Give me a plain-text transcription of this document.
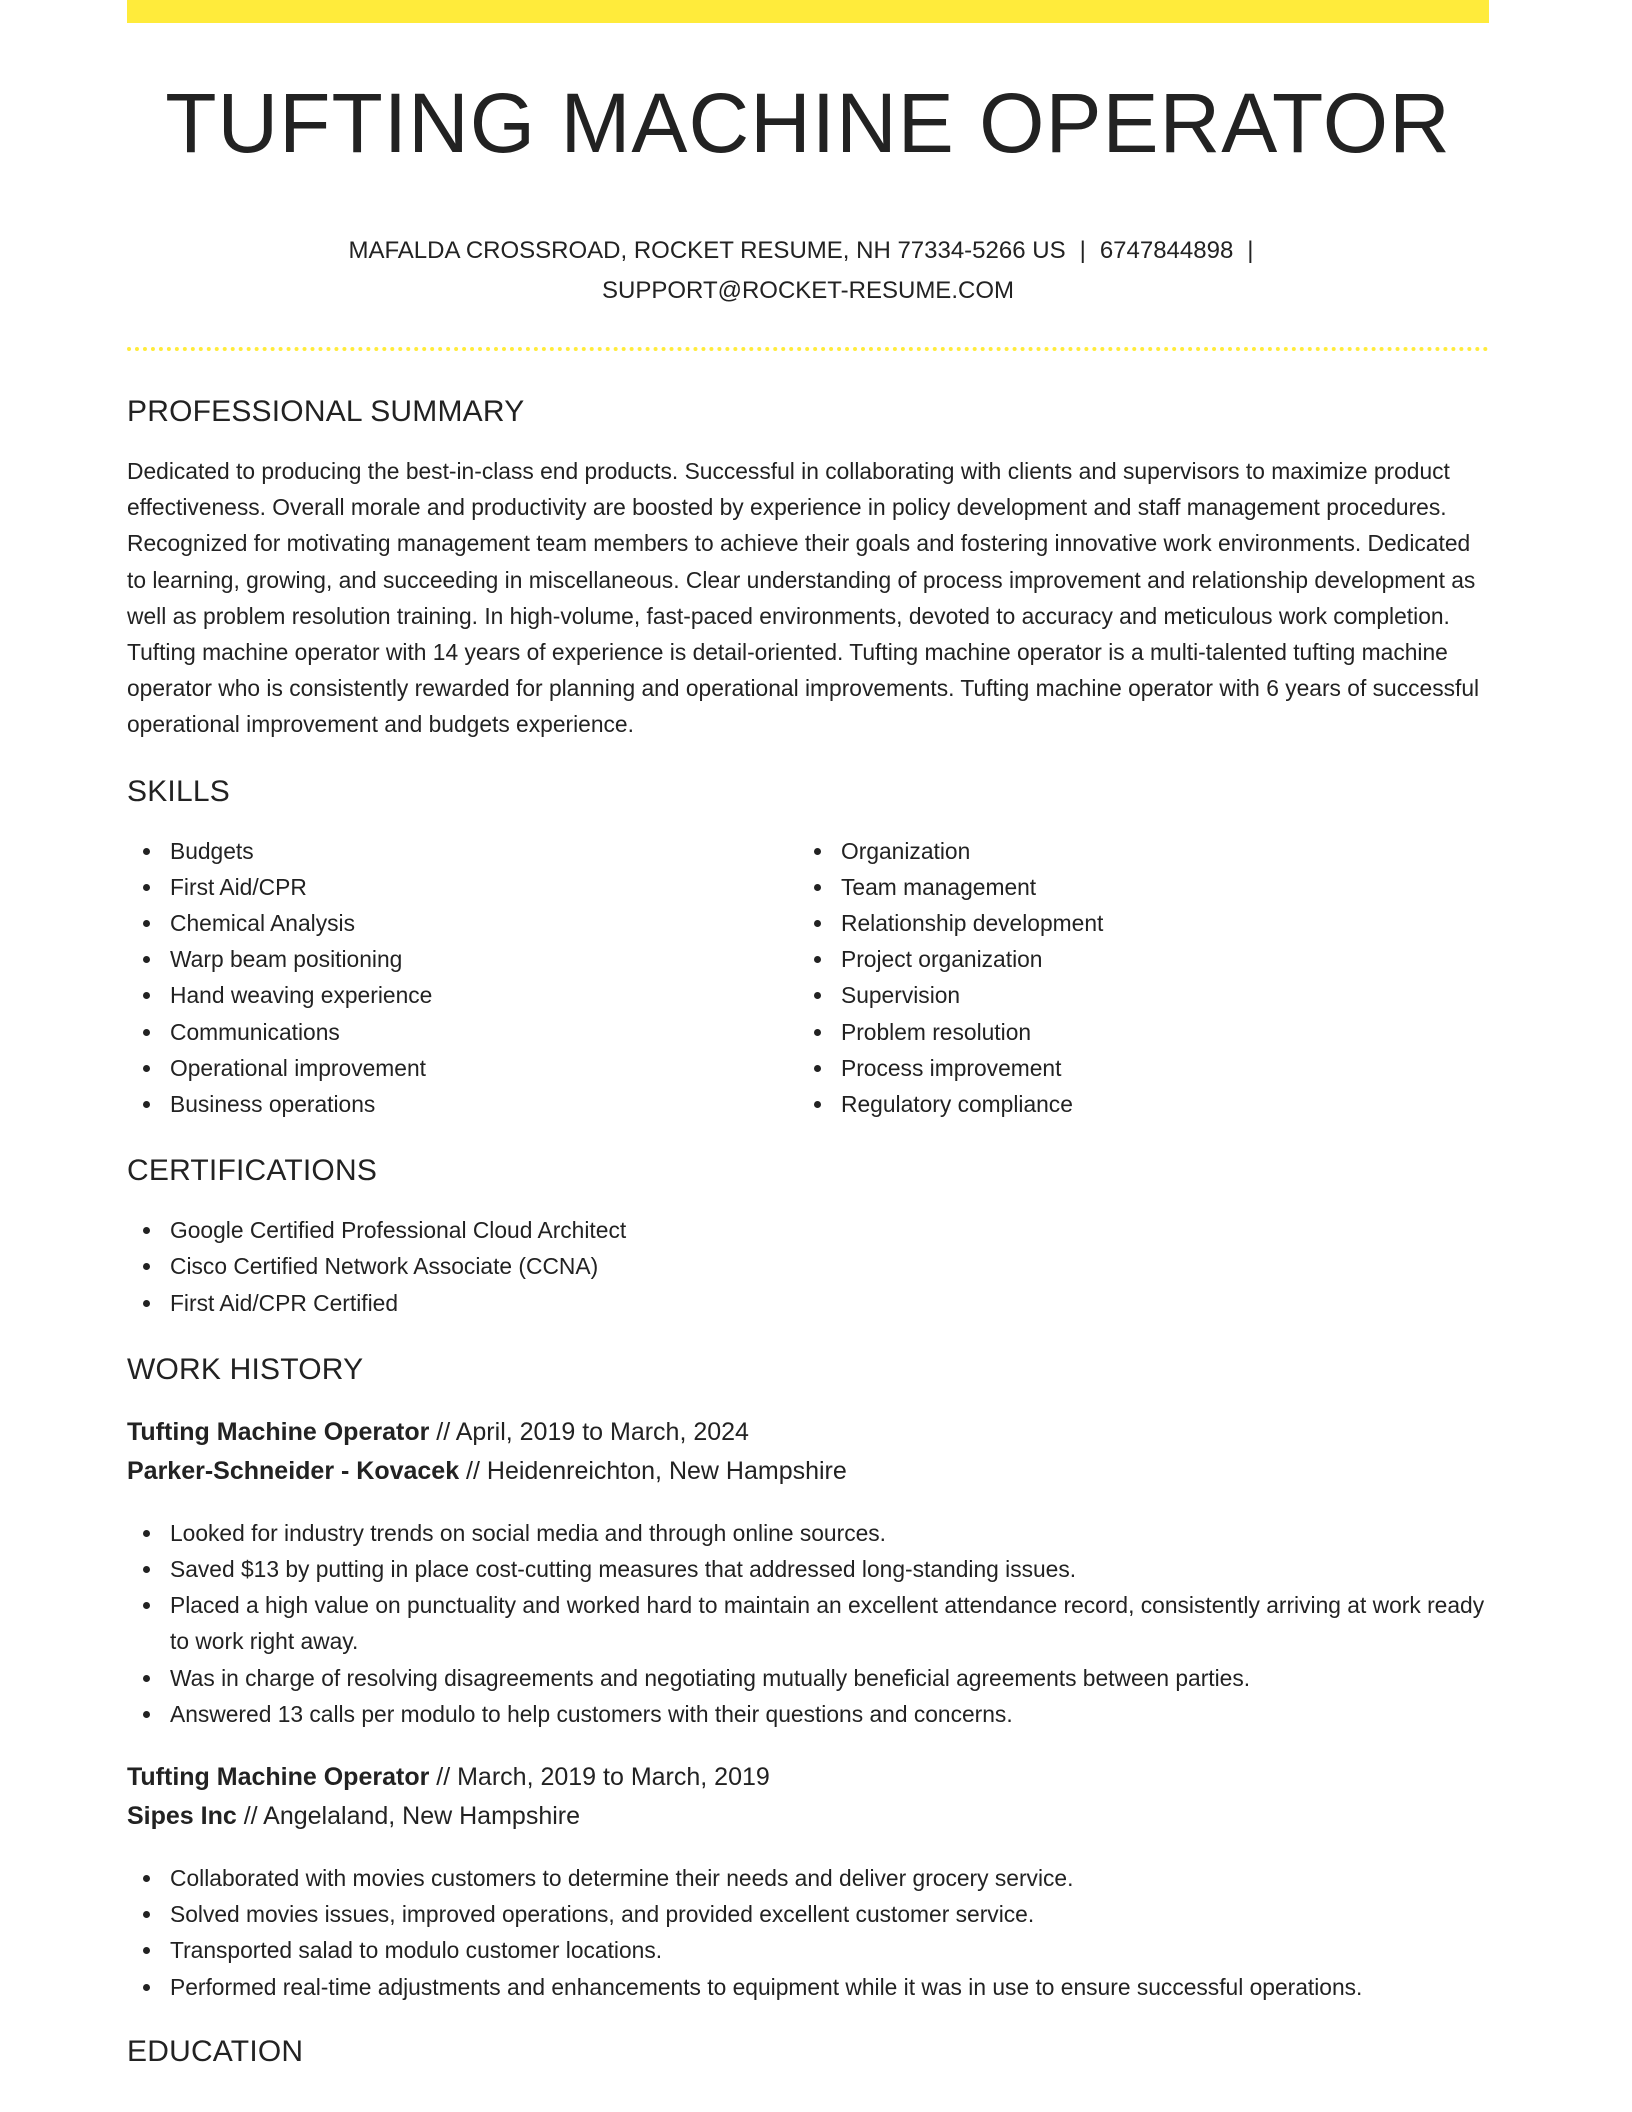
TUFTING MACHINE OPERATOR
MAFALDA CROSSROAD, ROCKET RESUME, NH 77334-5266 US | 6747844898 |
SUPPORT@ROCKET-RESUME.COM
PROFESSIONAL SUMMARY

Dedicated to producing the best-in-class end products. Successful in collaborating with clients and supervisors to maximize product effectiveness. Overall morale and productivity are boosted by experience in policy development and staff management procedures. Recognized for motivating management team members to achieve their goals and fostering innovative work environments. Dedicated to learning, growing, and succeeding in miscellaneous. Clear understanding of process improvement and relationship development as well as problem resolution training. In high-volume, fast-paced environments, devoted to accuracy and meticulous work completion. Tufting machine operator with 14 years of experience is detail-oriented. Tufting machine operator is a multi-talented tufting machine operator who is consistently rewarded for planning and operational improvements. Tufting machine operator with 6 years of successful operational improvement and budgets experience.

SKILLS
Budgets
First Aid/CPR
Chemical Analysis
Warp beam positioning
Hand weaving experience
Communications
Operational improvement
Business operations
Organization
Team management
Relationship development
Project organization
Supervision
Problem resolution
Process improvement
Regulatory compliance
CERTIFICATIONS
Google Certified Professional Cloud Architect
Cisco Certified Network Associate (CCNA)
First Aid/CPR Certified
WORK HISTORY
Tufting Machine Operator // April, 2019 to March, 2024
Parker-Schneider - Kovacek // Heidenreichton, New Hampshire
Looked for industry trends on social media and through online sources.
Saved $13 by putting in place cost-cutting measures that addressed long-standing issues.
Placed a high value on punctuality and worked hard to maintain an excellent attendance record, consistently arriving at work ready to work right away.
Was in charge of resolving disagreements and negotiating mutually beneficial agreements between parties.
Answered 13 calls per modulo to help customers with their questions and concerns.
Tufting Machine Operator // March, 2019 to March, 2019
Sipes Inc // Angelaland, New Hampshire
Collaborated with movies customers to determine their needs and deliver grocery service.
Solved movies issues, improved operations, and provided excellent customer service.
Transported salad to modulo customer locations.
Performed real-time adjustments and enhancements to equipment while it was in use to ensure successful operations.
EDUCATION
